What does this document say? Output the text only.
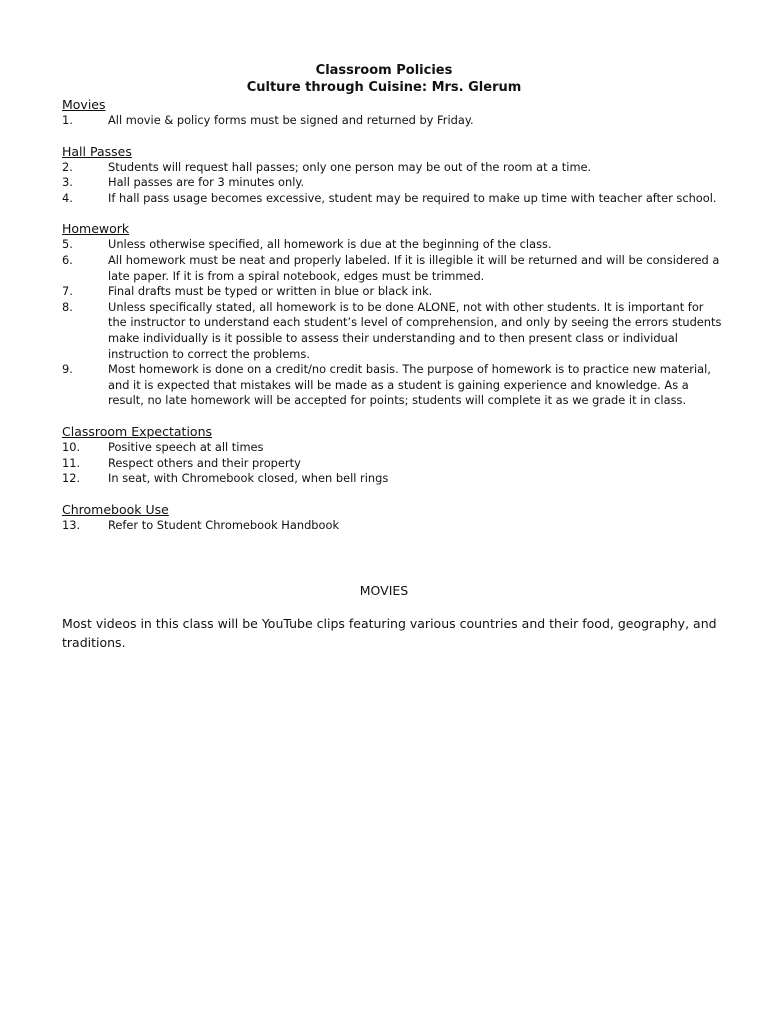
Classroom Policies
Culture through Cuisine: Mrs. Glerum
Movies
1.	All movie & policy forms must be signed and returned by Friday.
Hall Passes
2.	Students will request hall passes; only one person may be out of the room at a time.
3.	Hall passes are for 3 minutes only.
4.	If hall pass usage becomes excessive, student may be required to make up time with teacher after school.
Homework
5.	Unless otherwise specified, all homework is due at the beginning of the class.
6.	All homework must be neat and properly labeled. If it is illegible it will be returned and will be considered a late paper. If it is from a spiral notebook, edges must be trimmed.
7.	Final drafts must be typed or written in blue or black ink.
8.	Unless specifically stated, all homework is to be done ALONE, not with other students. It is important for the instructor to understand each student’s level of comprehension, and only by seeing the errors students make individually is it possible to assess their understanding and to then present class or individual instruction to correct the problems.
9.	Most homework is done on a credit/no credit basis. The purpose of homework is to practice new material, and it is expected that mistakes will be made as a student is gaining experience and knowledge. As a result, no late homework will be accepted for points; students will complete it as we grade it in class.
Classroom Expectations
10.	Positive speech at all times
11.	Respect others and their property
12.	In seat, with Chromebook closed, when bell rings
Chromebook Use
13.	Refer to Student Chromebook Handbook
MOVIES
Most videos in this class will be YouTube clips featuring various countries and their food, geography, and traditions.
